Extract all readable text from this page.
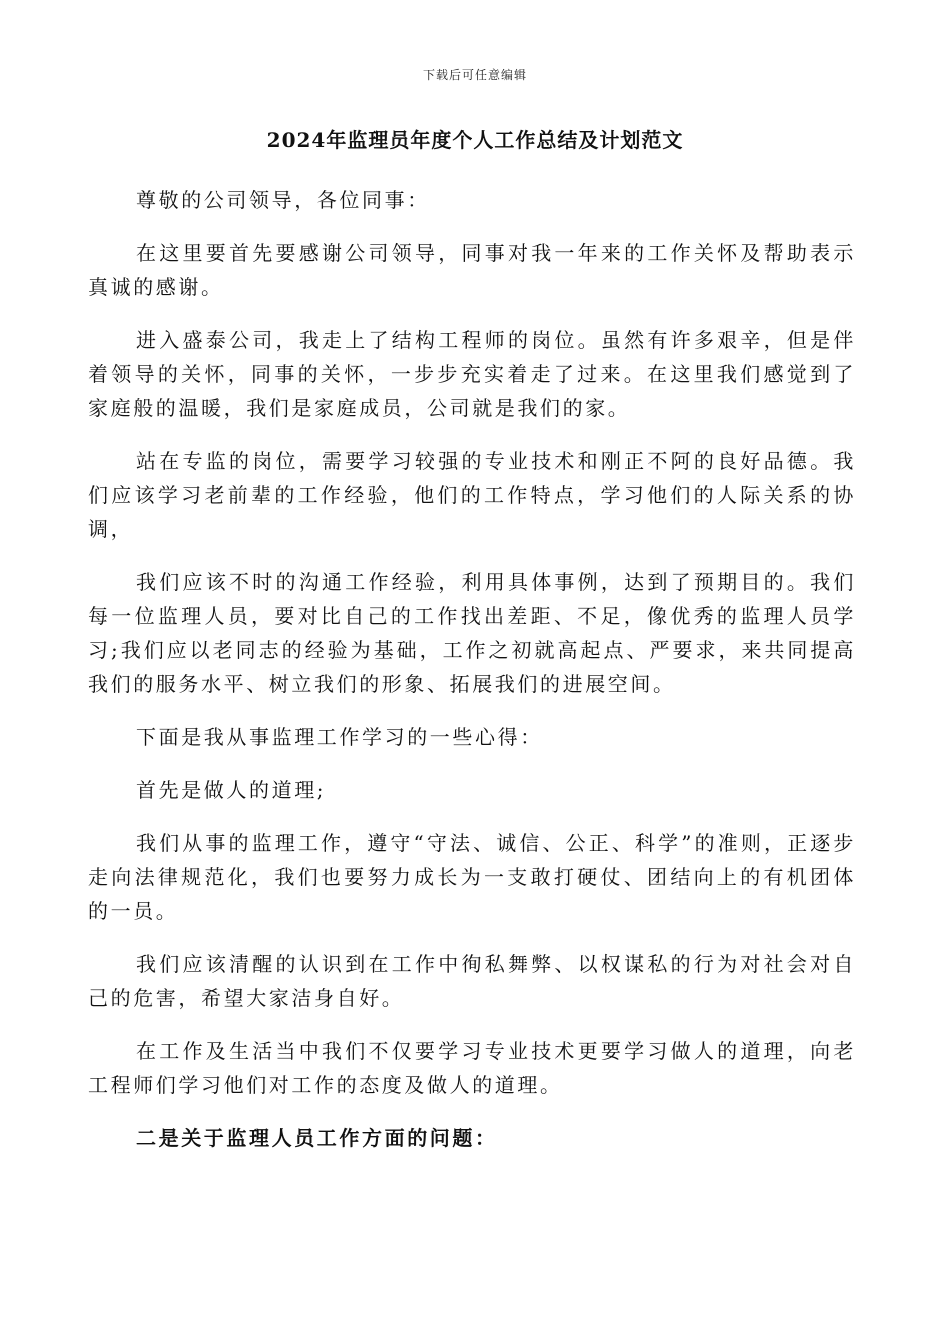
下载后可任意编辑
2024年监理员年度个人工作总结及计划范文

尊敬的公司领导，各位同事：

在这里要首先要感谢公司领导，同事对我一年来的工作关怀及帮助表示真诚的感谢。

进入盛泰公司，我走上了结构工程师的岗位。虽然有许多艰辛，但是伴着领导的关怀，同事的关怀，一步步充实着走了过来。在这里我们感觉到了家庭般的温暖，我们是家庭成员，公司就是我们的家。

站在专监的岗位，需要学习较强的专业技术和刚正不阿的良好品德。我们应该学习老前辈的工作经验，他们的工作特点，学习他们的人际关系的协调，

我们应该不时的沟通工作经验，利用具体事例，达到了预期目的。我们每一位监理人员，要对比自己的工作找出差距、不足，像优秀的监理人员学习;我们应以老同志的经验为基础，工作之初就高起点、严要求，来共同提高我们的服务水平、树立我们的形象、拓展我们的进展空间。

下面是我从事监理工作学习的一些心得：

首先是做人的道理;

我们从事的监理工作，遵守“守法、诚信、公正、科学”的准则，正逐步走向法律规范化，我们也要努力成长为一支敢打硬仗、团结向上的有机团体的一员。

我们应该清醒的认识到在工作中徇私舞弊、以权谋私的行为对社会对自己的危害，希望大家洁身自好。

在工作及生活当中我们不仅要学习专业技术更要学习做人的道理，向老工程师们学习他们对工作的态度及做人的道理。

二是关于监理人员工作方面的问题：
